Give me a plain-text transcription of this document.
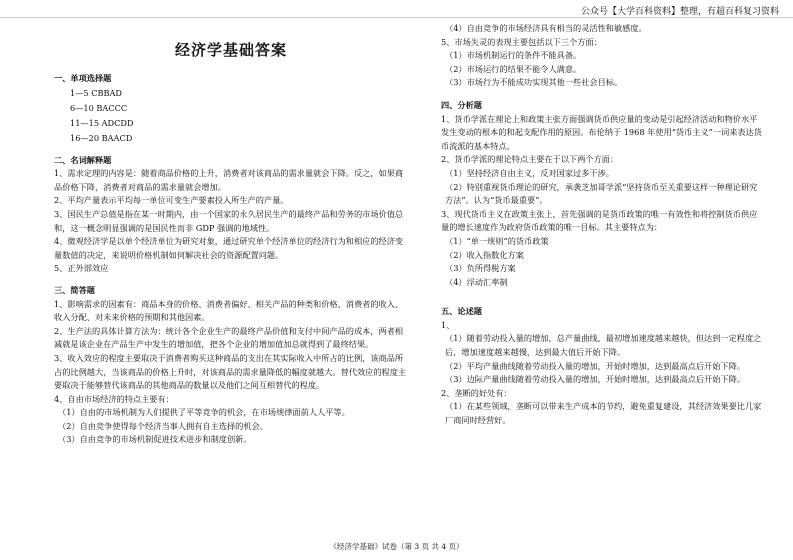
公众号【大学百科资料】整理，有超百科复习资料
经济学基础答案
一、单项选择题
1—5 CBBAD
6—10 BACCC
11—15 ADCDD
16—20 BAACD
二、名词解释题
1、需求定理的内容是：随着商品价格的上升，消费者对该商品的需求量就会下降。反之，如果商品价格下降，消费者对商品的需求量就会增加。
2、平均产量表示平均每一单位可变生产要素投入所生产的产量。
3、国民生产总值是指在某一时期内，由一个国家的永久居民生产的最终产品和劳务的市场价值总和，这一概念明显强调的是国民性而非 GDP 强调的地域性。
4、微观经济学是以单个经济单位为研究对象，通过研究单个经济单位的经济行为和相应的经济变量数值的决定，来说明价格机制如何解决社会的资源配置问题。
5、正外部效应
三、简答题
1、影响需求的因素有：商品本身的价格、消费者偏好、相关产品的种类和价格、消费者的收入、收入分配、对未来价格的预期和其他因素。
2、生产法的具体计算方法为：统计各个企业生产的最终产品价值和支付中间产品的成本，两者相减就是该企业在产品生产中发生的增加值，把各个企业的增加值加总就得到了最终结果。
3、收入效应的程度主要取决于消费者购买这种商品的支出在其实际收入中所占的比例，该商品所占的比例越大，当该商品的价格上升时，对该商品的需求量降低的幅度就越大。替代效应的程度主要取决于能够替代该商品的其他商品的数量以及他们之间互相替代的程度。
4、自由市场经济的特点主要有：
（1）自由的市场机制为人们提供了平等竞争的机会，在市场规律面前人人平等。
（2）自由竞争使得每个经济当事人拥有自主选择的机会。
（3）自由竞争的市场机制促进技术进步和制度创新。
（4）自由竞争的市场经济具有相当的灵活性和敏感度。
5、市场失灵的表现主要包括以下三个方面：
（1）市场机制运行的条件不能具备。
（2）市场运行的结果不能令人满意。
（3）市场行为不能成功实现其他一些社会目标。
四、分析题
1、货币学派在理论上和政策主张方面强调货币供应量的变动是引起经济活动和物价水平发生变动的根本的和起支配作用的原因。布伦纳于 1968 年使用“货币主义”一词来表达货币流派的基本特点。
2、货币学派的理论特点主要在于以下两个方面：
（1）坚持经济自由主义，反对国家过多干涉。
（2）特别重视货币理论的研究，承袭芝加哥学派“坚持货币至关重要这样一种理论研究方法”。认为“货币最重要”。
3、现代货币主义在政策主张上，首先强调的是货币政策的唯一有效性和将控制货币供应量的增长速度作为政府货币政策的唯一目标。其主要特点为：
（1）“单一规则”的货币政策
（2）收入指数化方案
（3）负所得税方案
（4）浮动汇率制
五、论述题
1、
（1）随着劳动投入量的增加，总产量曲线，最初增加速度越来越快，但达到一定程度之后，增加速度越来越慢，达到最大值后开始下降。
（2）平均产量曲线随着劳动投入量的增加，开始时增加，达到最高点后开始下降。
（3）边际产量曲线随着劳动投入量的增加，开始时增加，达到最高点后开始下降。
2、垄断的好处有：
（1）在某些领域，垄断可以带来生产成本的节约，避免重复建设，其经济效果要比几家厂商同时经营好。
《经济学基础》试卷（第 3 页 共 4 页）
